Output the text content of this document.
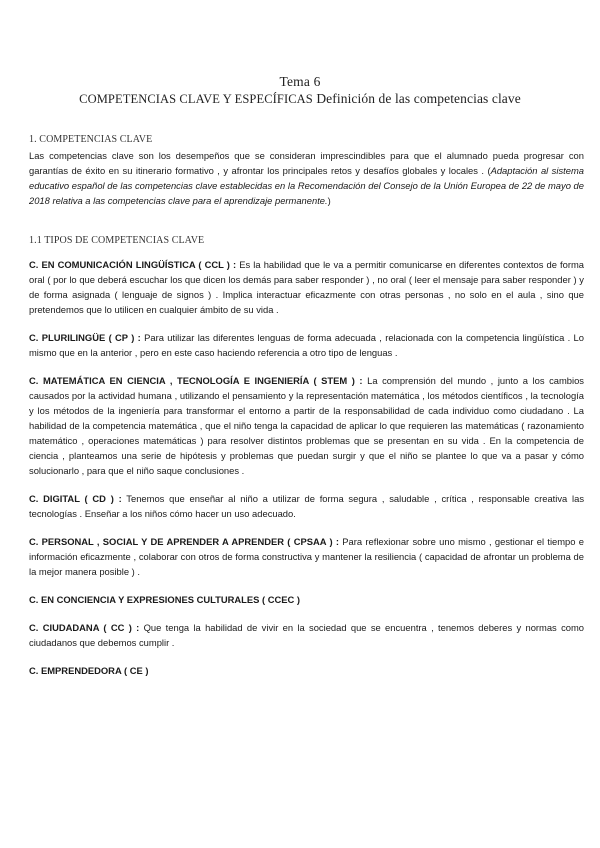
Tema 6
COMPETENCIAS CLAVE Y ESPECÍFICAS Definición de las competencias clave
1. COMPETENCIAS CLAVE

Las competencias clave son los desempeños que se consideran imprescindibles para que el alumnado pueda progresar con garantías de éxito en su itinerario formativo , y afrontar los principales retos y desafíos globales y locales . (Adaptación al sistema educativo español de las competencias clave establecidas en la Recomendación del Consejo de la Unión Europea de 22 de mayo de 2018 relativa a las competencias clave para el aprendizaje permanente.)

1.1 TIPOS DE COMPETENCIAS CLAVE

C. EN COMUNICACIÓN LINGÜÍSTICA ( CCL ) : Es la habilidad que le va a permitir comunicarse en diferentes contextos de forma oral ( por lo que deberá escuchar los que dicen los demás para saber responder ) , no oral ( leer el mensaje para saber responder ) y de forma asignada ( lenguaje de signos ) . Implica interactuar eficazmente con otras personas , no solo en el aula , sino que pretendemos que lo utilicen en cualquier ámbito de su vida .

C. PLURILINGÜE ( CP ) : Para utilizar las diferentes lenguas de forma adecuada , relacionada con la competencia lingüística . Lo mismo que en la anterior , pero en este caso haciendo referencia a otro tipo de lenguas .

C. MATEMÁTICA EN CIENCIA , TECNOLOGÍA E INGENIERÍA ( STEM ) : La comprensión del mundo , junto a los cambios causados por la actividad humana , utilizando el pensamiento y la representación matemática , los métodos científicos , la tecnología y los métodos de la ingeniería para transformar el entorno a partir de la responsabilidad de cada individuo como ciudadano . La habilidad de la competencia matemática , que el niño tenga la capacidad de aplicar lo que requieren las matemáticas ( razonamiento matemático , operaciones matemáticas ) para resolver distintos problemas que se presentan en su vida . En la competencia de ciencia , planteamos una serie de hipótesis y problemas que puedan surgir y que el niño se plantee lo que va a pasar y cómo solucionarlo , para que el niño saque conclusiones .

C. DIGITAL ( CD ) : Tenemos que enseñar al niño a utilizar de forma segura , saludable , crítica , responsable creativa las tecnologías . Enseñar a los niños cómo hacer un uso adecuado.

C. PERSONAL , SOCIAL Y DE APRENDER A APRENDER ( CPSAA ) : Para reflexionar sobre uno mismo , gestionar el tiempo e información eficazmente , colaborar con otros de forma constructiva y mantener la resiliencia ( capacidad de afrontar un problema de la mejor manera posible ) .

C. EN CONCIENCIA Y EXPRESIONES CULTURALES ( CCEC )

C. CIUDADANA ( CC ) : Que tenga la habilidad de vivir en la sociedad que se encuentra , tenemos deberes y normas como ciudadanos que debemos cumplir .

C. EMPRENDEDORA ( CE )
